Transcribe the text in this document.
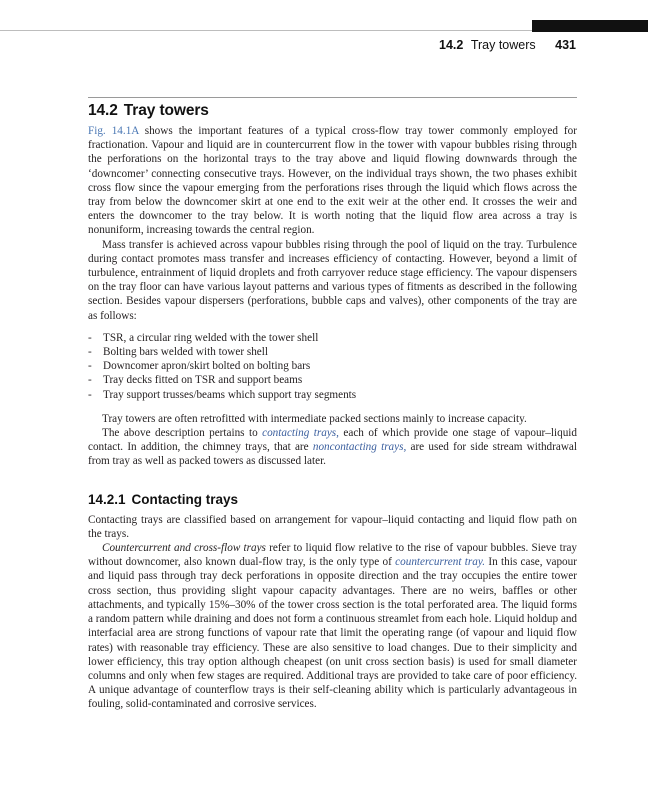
14.2 Tray towers 431
14.2 Tray towers

Fig. 14.1A shows the important features of a typical cross-flow tray tower commonly employed for fractionation. Vapour and liquid are in countercurrent flow in the tower with vapour bubbles rising through the perforations on the horizontal trays to the tray above and liquid flowing downwards through the ‘downcomer’ connecting consecutive trays. However, on the individual trays shown, the two phases exhibit cross flow since the vapour emerging from the perforations rises through the liquid which flows across the tray from below the downcomer skirt at one end to the exit weir at the other end. It crosses the weir and enters the downcomer to the tray below. It is worth noting that the liquid flow area across a tray is nonuniform, increasing towards the central region.

Mass transfer is achieved across vapour bubbles rising through the pool of liquid on the tray. Turbulence during contact promotes mass transfer and increases efficiency of contacting. However, beyond a limit of turbulence, entrainment of liquid droplets and froth carryover reduce stage efficiency. The vapour dispensers on the tray floor can have various layout patterns and various types of fitments as described in the following section. Besides vapour dispersers (perforations, bubble caps and valves), other components of the tray are as follows:

- TSR, a circular ring welded with the tower shell
- Bolting bars welded with tower shell
- Downcomer apron/skirt bolted on bolting bars
- Tray decks fitted on TSR and support beams
- Tray support trusses/beams which support tray segments

Tray towers are often retrofitted with intermediate packed sections mainly to increase capacity.

The above description pertains to contacting trays, each of which provide one stage of vapour–liquid contact. In addition, the chimney trays, that are noncontacting trays, are used for side stream withdrawal from tray as well as packed towers as discussed later.

14.2.1 Contacting trays

Contacting trays are classified based on arrangement for vapour–liquid contacting and liquid flow path on the trays.

Countercurrent and cross-flow trays refer to liquid flow relative to the rise of vapour bubbles. Sieve tray without downcomer, also known dual-flow tray, is the only type of countercurrent tray. In this case, vapour and liquid pass through tray deck perforations in opposite direction and the tray occupies the entire tower cross section, thus providing slight vapour capacity advantages. There are no weirs, baffles or other attachments, and typically 15%–30% of the tower cross section is the total perforated area. The liquid forms a random pattern while draining and does not form a continuous streamlet from each hole. Liquid holdup and interfacial area are strong functions of vapour rate that limit the operating range (of vapour and liquid flow rates) with reasonable tray efficiency. These are also sensitive to load changes. Due to their simplicity and lower efficiency, this tray option although cheapest (on unit cross section basis) is used for small diameter columns and only when few stages are required. Additional trays are provided to take care of poor efficiency. A unique advantage of counterflow trays is their self-cleaning ability which is particularly advantageous in fouling, solid-contaminated and corrosive services.
